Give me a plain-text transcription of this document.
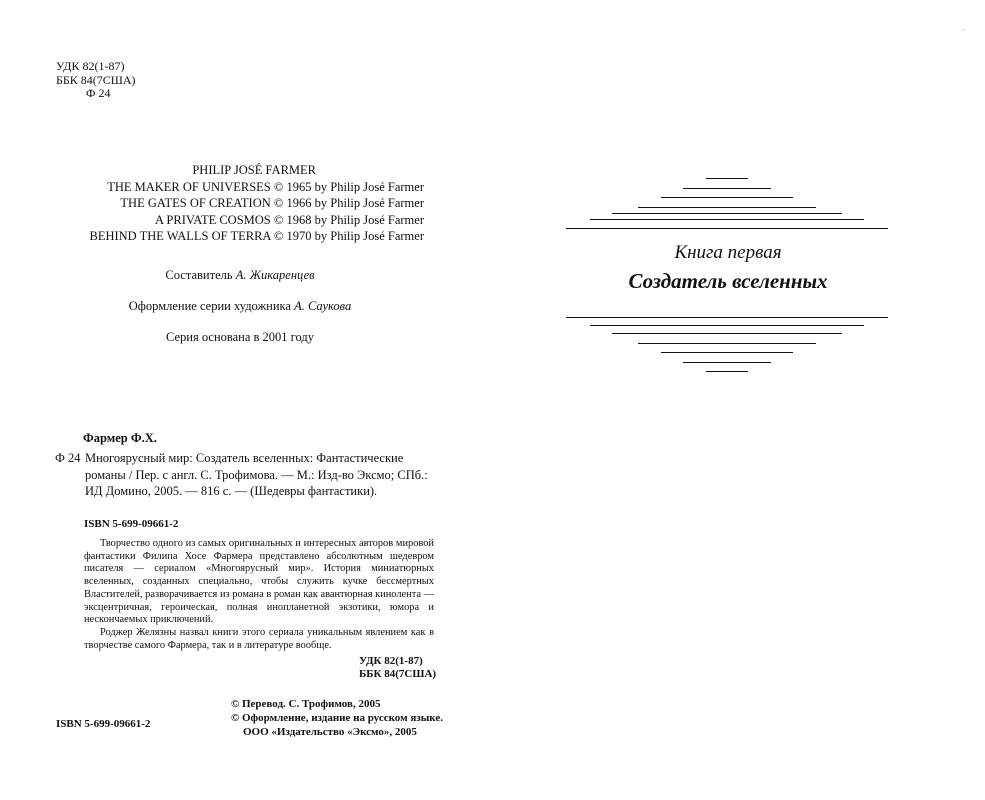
УДК 82(1-87)
ББК 84(7США)
Ф 24
PHILIP JOSÉ FARMER
THE MAKER OF UNIVERSES © 1965 by Philip José Farmer
THE GATES OF CREATION © 1966 by Philip José Farmer
A PRIVATE COSMOS © 1968 by Philip José Farmer
BEHIND THE WALLS OF TERRA © 1970 by Philip José Farmer
Составитель А. Жикаренцев
Оформление серии художника А. Саукова
Серия основана в 2001 году
Фармер Ф.Х.
Ф 24 Многоярусный мир: Создатель вселенных: Фантастические романы / Пер. с англ. С. Трофимова. — М.: Изд-во Эксмо; СПб.: ИД Домино, 2005. — 816 с. — (Шедевры фантастики).
ISBN 5-699-09661-2

Творчество одного из самых оригинальных и интересных авторов мировой фантастики Филипа Хосе Фармера представлено абсолютным шедевром писателя — сериалом «Многоярусный мир». История миниатюрных вселенных, созданных специально, чтобы служить кучке бессмертных Властителей, разворачивается из романа в роман как авантюрная кинолента — эксцентричная, героическая, полная инопланетной экзотики, юмора и нескончаемых приключений.

Роджер Желязны назвал книги этого сериала уникальным явлением как в творчестве самого Фармера, так и в литературе вообще.

УДК 82(1-87)
ББК 84(7США)
© Перевод. С. Трофимов, 2005
© Оформление, издание на русском языке.
ООО «Издательство «Эксмо», 2005
ISBN 5-699-09661-2
·
Книга первая
Создатель вселенных
